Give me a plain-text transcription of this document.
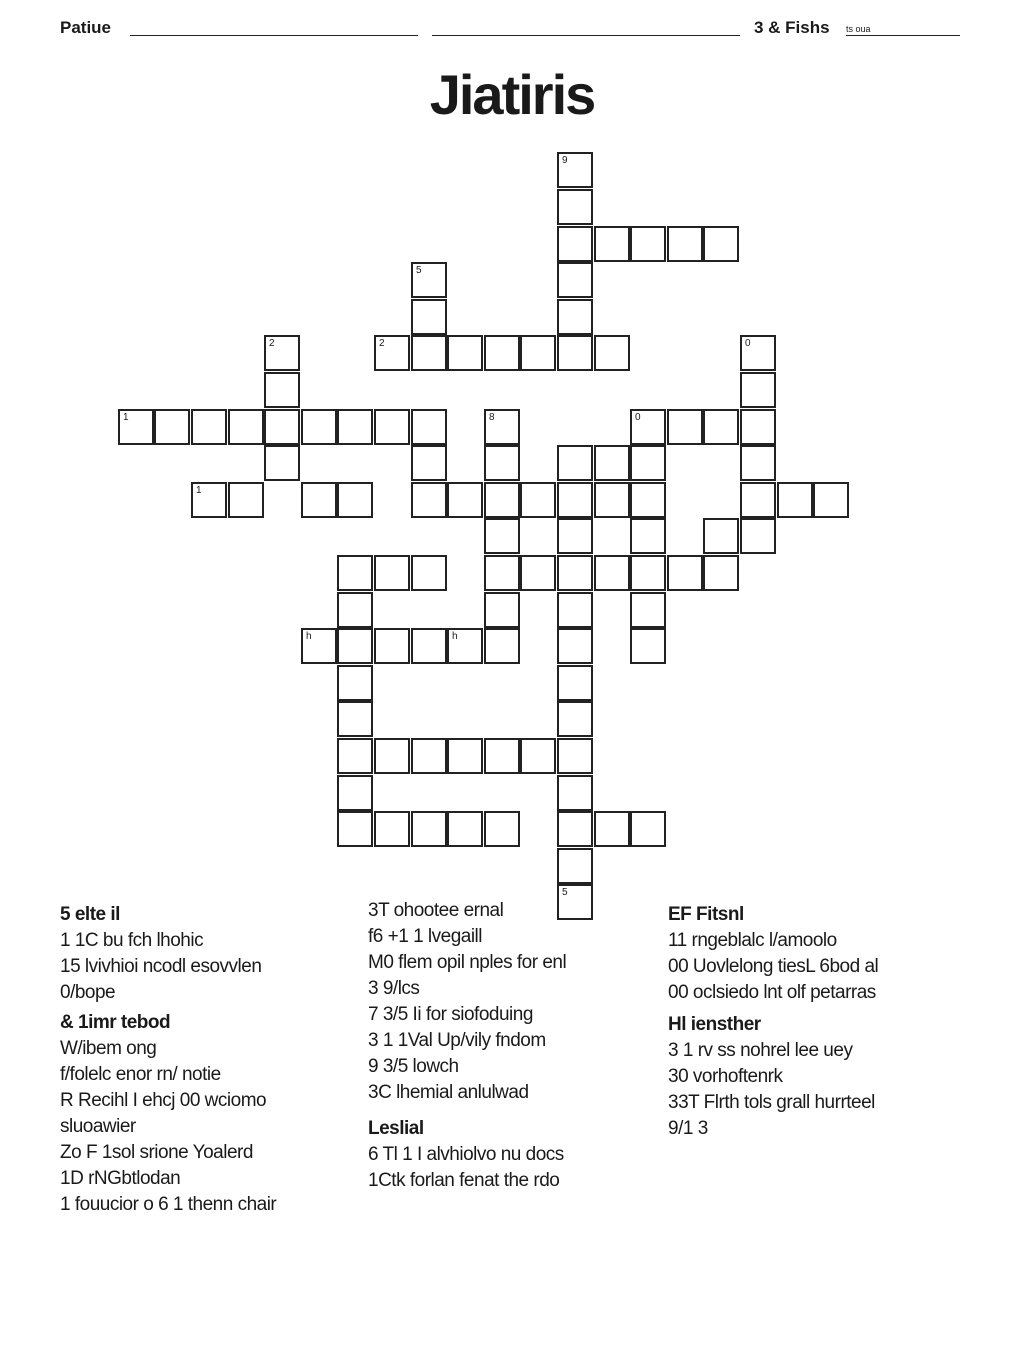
Patiue	3 & Fishs ts oua
Jiatiris
9
5
2
2	0
1	8	0
1
h	h
5
5 elte il
1 1C bu fch lhohic
15 lvivhioi ncodl esovvlen
0/bope
& 1imr tebod
W/ibem ong
f/folelc enor rn/ notie
R Recihl I ehcj 00 wciomo
sluoawier
Zo F 1sol srione Yoalerd
1D rNGbtlodan
1 fouucior o 6 1 thenn chair
3T ohootee ernal
f6 +1 1 lvegaill
M0 flem opil nples for enl
3 9/lcs
7 3/5 Ii for siofoduing
3 1 1Val Up/vily fndom
9 3/5 lowch
3C lhemial anlulwad
Leslial
6 Tl 1 I alvhiolvo nu docs
1Ctk forlan fenat the rdo
EF Fitsnl
11 rngeblalc l/amoolo
00 Uovlelong tiesL 6bod al
00 oclsiedo lnt olf petarras
Hl iensther
3 1 rv ss nohrel lee uey
30 vorhoftenrk
33T Flrth tols grall hurrteel
9/1 3
